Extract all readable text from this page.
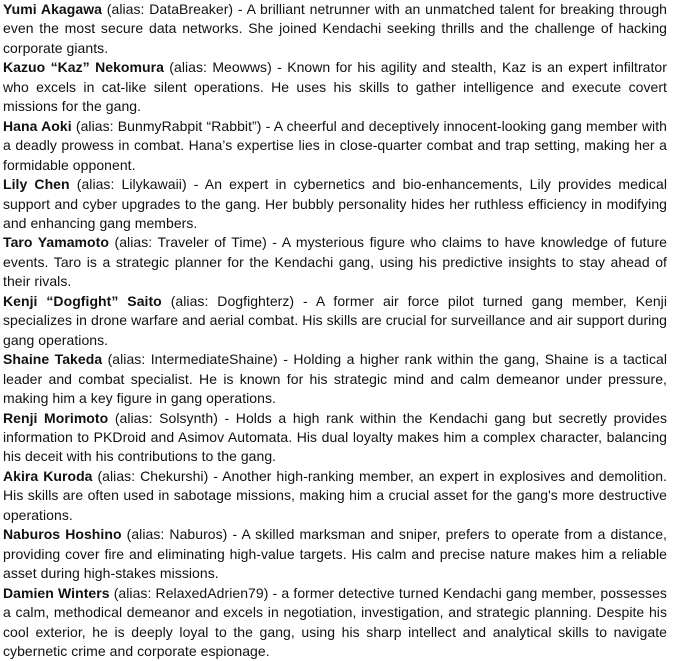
Yumi Akagawa (alias: DataBreaker) - A brilliant netrunner with an unmatched talent for breaking through even the most secure data networks. She joined Kendachi seeking thrills and the challenge of hacking corporate giants.

Kazuo “Kaz” Nekomura (alias: Meowws) - Known for his agility and stealth, Kaz is an expert infiltrator who excels in cat-like silent operations. He uses his skills to gather intelligence and execute covert missions for the gang.

Hana Aoki (alias: BunmyRabpit “Rabbit”) - A cheerful and deceptively innocent-looking gang member with a deadly prowess in combat. Hana’s expertise lies in close-quarter combat and trap setting, making her a formidable opponent.

Lily Chen (alias: Lilykawaii) - An expert in cybernetics and bio-enhancements, Lily provides medical support and cyber upgrades to the gang. Her bubbly personality hides her ruthless efficiency in modifying and enhancing gang members.

Taro Yamamoto (alias: Traveler of Time) - A mysterious figure who claims to have knowledge of future events. Taro is a strategic planner for the Kendachi gang, using his predictive insights to stay ahead of their rivals.

Kenji “Dogfight” Saito (alias: Dogfighterz) - A former air force pilot turned gang member, Kenji specializes in drone warfare and aerial combat. His skills are crucial for surveillance and air support during gang operations.

Shaine Takeda (alias: IntermediateShaine) - Holding a higher rank within the gang, Shaine is a tactical leader and combat specialist. He is known for his strategic mind and calm demeanor under pressure, making him a key figure in gang operations.

Renji Morimoto (alias: Solsynth) - Holds a high rank within the Kendachi gang but secretly provides information to PKDroid and Asimov Automata. His dual loyalty makes him a complex character, balancing his deceit with his contributions to the gang.

Akira Kuroda (alias: Chekurshi) - Another high-ranking member, an expert in explosives and demolition. His skills are often used in sabotage missions, making him a crucial asset for the gang's more destructive operations.

Naburos Hoshino (alias: Naburos) - A skilled marksman and sniper, prefers to operate from a distance, providing cover fire and eliminating high-value targets. His calm and precise nature makes him a reliable asset during high-stakes missions.

Damien Winters (alias: RelaxedAdrien79) - a former detective turned Kendachi gang member, possesses a calm, methodical demeanor and excels in negotiation, investigation, and strategic planning. Despite his cool exterior, he is deeply loyal to the gang, using his sharp intellect and analytical skills to navigate cybernetic crime and corporate espionage.
